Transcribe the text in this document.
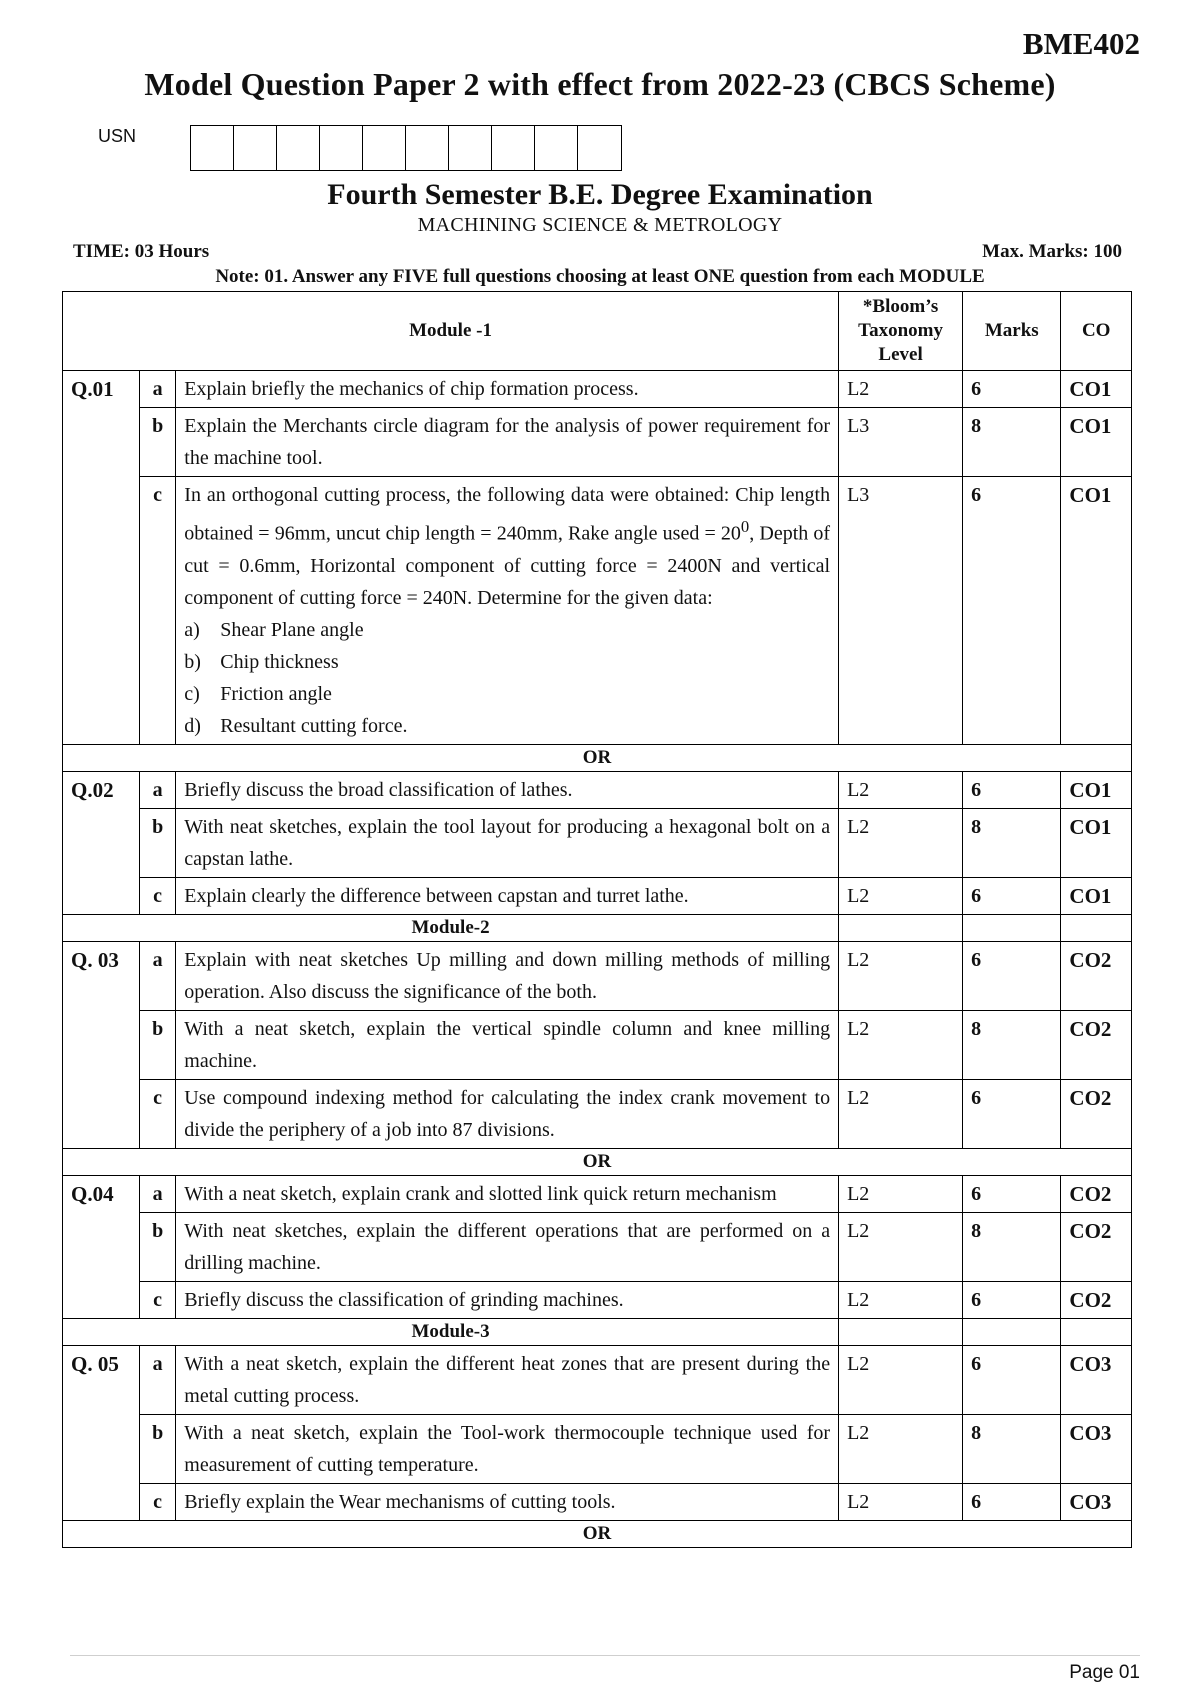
BME402
Model Question Paper 2 with effect from 2022-23 (CBCS Scheme)
USN
Fourth Semester B.E. Degree Examination
MACHINING SCIENCE & METROLOGY
TIME: 03 Hours	Max. Marks: 100
Note: 01. Answer any FIVE full questions choosing at least ONE question from each MODULE
Module -1			*Bloom’s Taxonomy Level	Marks	CO
Q.01	a	Explain briefly the mechanics of chip formation process.	L2	6	CO1
	b	Explain the Merchants circle diagram for the analysis of power requirement for the machine tool.	L3	8	CO1
	c	In an orthogonal cutting process, the following data were obtained: Chip length obtained = 96mm, uncut chip length = 240mm, Rake angle used = $20^0$, Depth of cut = 0.6mm, Horizontal component of cutting force = 2400N and vertical component of cutting force = 240N. Determine for the given data:
a) Shear Plane angle
b) Chip thickness
c) Friction angle
d) Resultant cutting force.	L3	6	CO1
OR					
Q.02	a	Briefly discuss the broad classification of lathes.	L2	6	CO1
	b	With neat sketches, explain the tool layout for producing a hexagonal bolt on a capstan lathe.	L2	8	CO1
	c	Explain clearly the difference between capstan and turret lathe.	L2	6	CO1
Module-2					
Q. 03	a	Explain with neat sketches Up milling and down milling methods of milling operation. Also discuss the significance of the both.	L2	6	CO2
	b	With a neat sketch, explain the vertical spindle column and knee milling machine.	L2	8	CO2
	c	Use compound indexing method for calculating the index crank movement to divide the periphery of a job into 87 divisions.	L2	6	CO2
OR					
Q.04	a	With a neat sketch, explain crank and slotted link quick return mechanism	L2	6	CO2
	b	With neat sketches, explain the different operations that are performed on a drilling machine.	L2	8	CO2
	c	Briefly discuss the classification of grinding machines.	L2	6	CO2
Module-3					
Q. 05	a	With a neat sketch, explain the different heat zones that are present during the metal cutting process.	L2	6	CO3
	b	With a neat sketch, explain the Tool-work thermocouple technique used for measurement of cutting temperature.	L2	8	CO3
	c	Briefly explain the Wear mechanisms of cutting tools.	L2	6	CO3
OR					
Page 01
